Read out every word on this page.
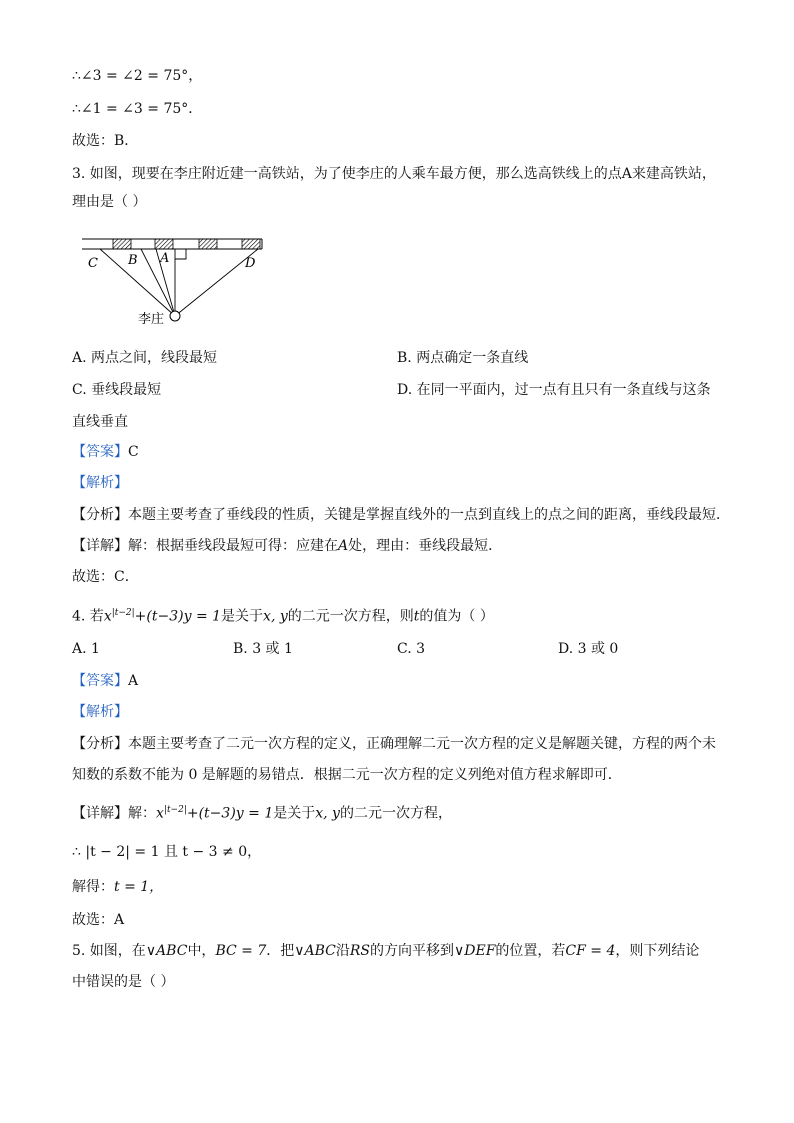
∴∠3 = ∠2 = 75°，
∴∠1 = ∠3 = 75°．
故选：B．
3. 如图，现要在李庄附近建一高铁站，为了使李庄的人乘车最方便，那么选高铁线上的点A来建高铁站，
理由是（ ）
C B A	D
李庄
A. 两点之间，线段最短	B. 两点确定一条直线
C. 垂线段最短	D. 在同一平面内，过一点有且只有一条直线与这条
直线垂直
【答案】C
【解析】
【分析】本题主要考查了垂线段的性质，关键是掌握直线外的一点到直线上的点之间的距离，垂线段最短．
【详解】解：根据垂线段最短可得：应建在A处，理由：垂线段最短．
故选：C．
4. 若$x^{|t-2|}+(t-3)y = 1$是关于x, y的二元一次方程，则t的值为（ ）
A. 1	B. 3 或 1	C. 3	D. 3 或 0
【答案】A
【解析】
【分析】本题主要考查了二元一次方程的定义，正确理解二元一次方程的定义是解题关键，方程的两个未
知数的系数不能为 0 是解题的易错点．根据二元一次方程的定义列绝对值方程求解即可．
【详解】解：$x^{|t-2|}+(t-3)y = 1$是关于x, y的二元一次方程，
∴ |t − 2| = 1 且 t − 3 ≠ 0，
解得：t = 1，
故选：A
5. 如图，在∨ABC中，BC = 7．把∨ABC沿RS的方向平移到∨DEF的位置，若CF = 4，则下列结论
中错误的是（ ）
